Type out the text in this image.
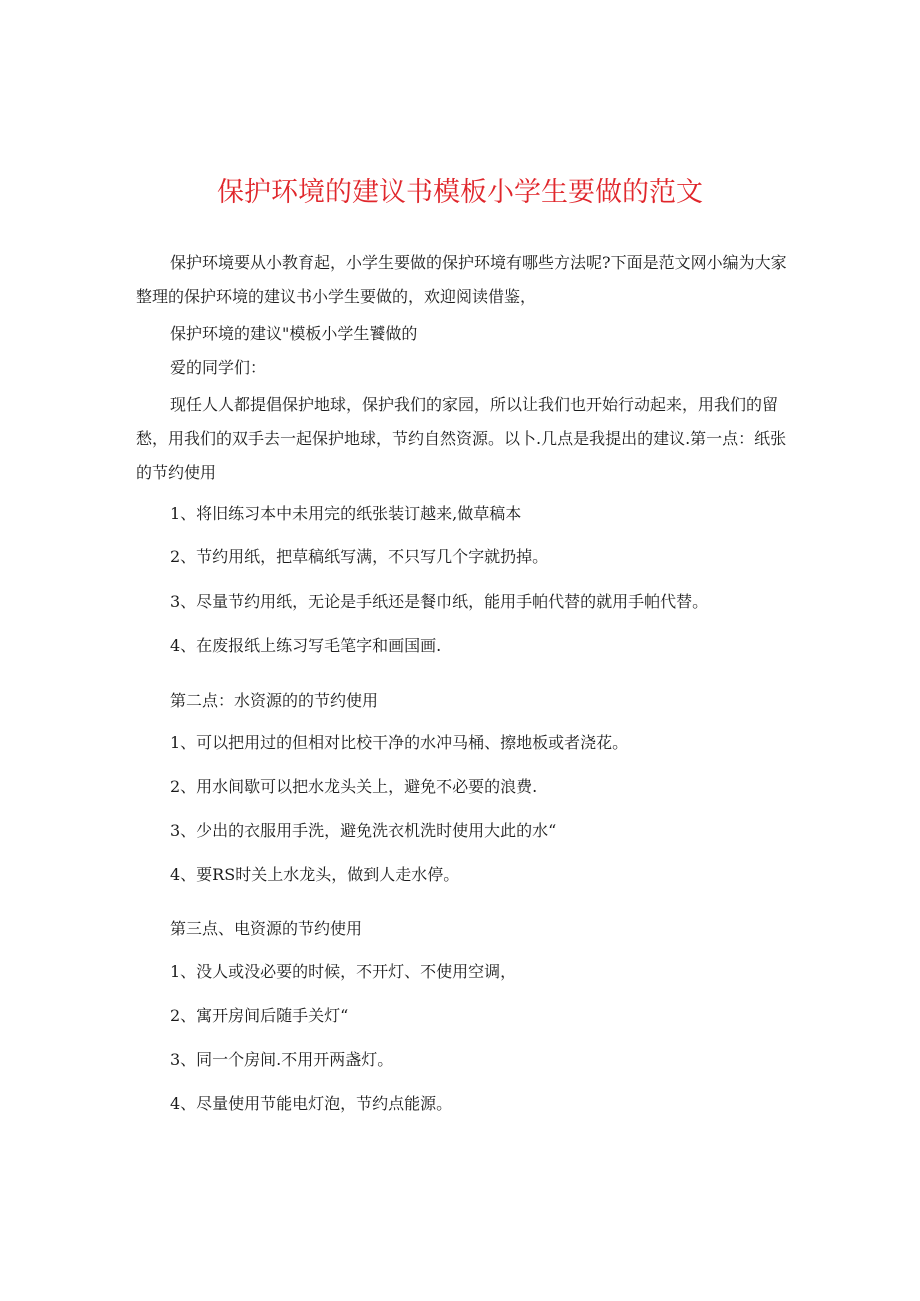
保护环境的建议书模板小学生要做的范文

保护环境要从小教育起，小学生要做的保护环境有哪些方法呢?下面是范文网小编为大家整理的保护环境的建议书小学生要做的，欢迎阅读借鉴，

保护环境的建议"模板小学生饕做的

爱的同学们：

现任人人都提倡保护地球，保护我们的家园，所以让我们也开始行动起来，用我们的留愁，用我们的双手去一起保护地球，节约自然资源。以卜.几点是我提出的建议.第一点：纸张的节约使用

1、将旧练习本中未用完的纸张装订越来,做草稿本

2、节约用纸，把草稿纸写满，不只写几个字就扔掉。

3、尽量节约用纸，无论是手纸还是餐巾纸，能用手帕代替的就用手帕代替。

4、在废报纸上练习写毛笔字和画国画.

第二点：水资源的的节约使用

1、可以把用过的但相对比校干净的水冲马桶、擦地板或者浇花。

2、用水间歇可以把水龙头关上，避免不必要的浪费.

3、少出的衣服用手洗，避免洗衣机洗时使用大此的水“

4、要RS时关上水龙头，做到人走水停。

第三点、电资源的节约使用

1、没人或没必要的时候，不开灯、不使用空调，

2、寓开房间后随手关灯“

3、同一个房间.不用开两盏灯。

4、尽量使用节能电灯泡，节约点能源。
